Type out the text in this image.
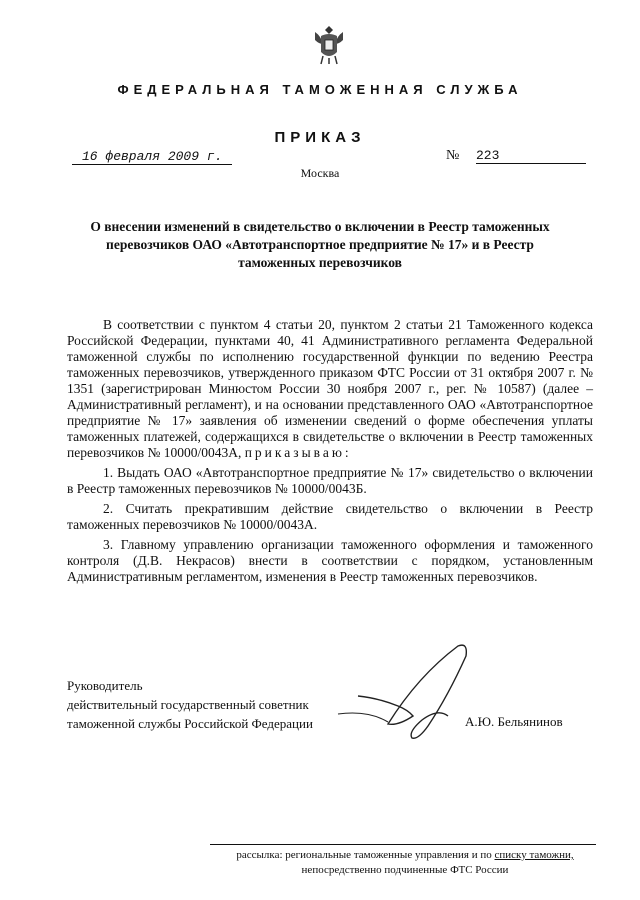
ФЕДЕРАЛЬНАЯ ТАМОЖЕННАЯ СЛУЖБА
ПРИКАЗ
16 февраля 2009 г.	№ 223
Москва
О внесении изменений в свидетельство о включении в Реестр таможенных перевозчиков ОАО «Автотранспортное предприятие № 17» и в Реестр таможенных перевозчиков

В соответствии с пунктом 4 статьи 20, пунктом 2 статьи 21 Таможенного кодекса Российской Федерации, пунктами 40, 41 Административного регламента Федеральной таможенной службы по исполнению государственной функции по ведению Реестра таможенных перевозчиков, утвержденного приказом ФТС России от 31 октября 2007 г. № 1351 (зарегистрирован Минюстом России 30 ноября 2007 г., рег. № 10587) (далее – Административный регламент), и на основании представленного ОАО «Автотранспортное предприятие № 17» заявления об изменении сведений о форме обеспечения уплаты таможенных платежей, содержащихся в свидетельстве о включении в Реестр таможенных перевозчиков № 10000/0043А, приказываю:

1. Выдать ОАО «Автотранспортное предприятие № 17» свидетельство о включении в Реестр таможенных перевозчиков № 10000/0043Б.

2. Считать прекратившим действие свидетельство о включении в Реестр таможенных перевозчиков № 10000/0043А.

3. Главному управлению организации таможенного оформления и таможенного контроля (Д.В. Некрасов) внести в соответствии с порядком, установленным Административным регламентом, изменения в Реестр таможенных перевозчиков.

Руководитель
действительный государственный советник
таможенной службы Российской Федерации	А.Ю. Бельянинов
рассылка: региональные таможенные управления и по списку таможни,
непосредственно подчиненные ФТС России
